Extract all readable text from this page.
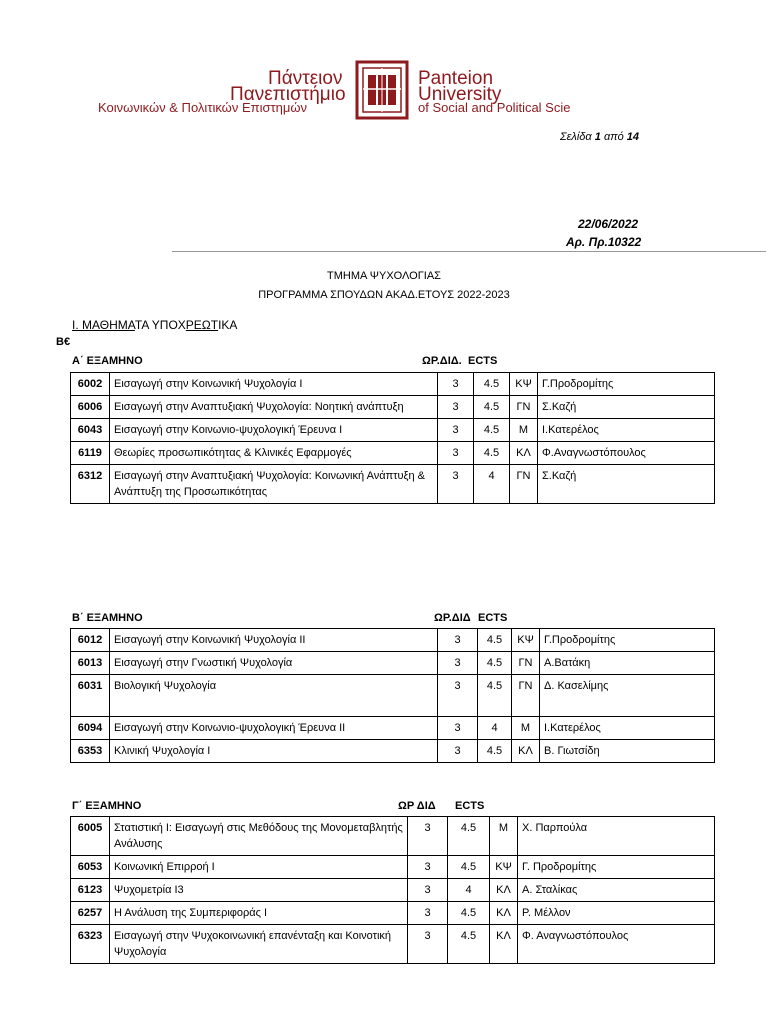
Πάντειον
Πανεπιστήμιο
Κοινωνικών & Πολιτικών Επιστημών
Panteion
University
of Social and Political Scie
Σελίδα 1 από 14
22/06/2022
Αρ. Πρ.10322
ΤΜΗΜΑ ΨΥΧΟΛΟΓΙΑΣ
ΠΡΟΓΡΑΜΜΑ ΣΠΟΥΔΩΝ ΑΚΑΔ.ΕΤΟΥΣ 2022-2023
Ι. ΜΑΘΗΜΑΤΑ ΥΠΟΧΡΕΩΤΙΚΑ
Β€
Α΄ ΕΞΑΜΗΝΟ	ΩΡ.ΔΙΔ. ECTS
6002	Εισαγωγή στην Κοινωνική Ψυχολογία Ι	3	4.5	ΚΨ	Γ.Προδρομίτης
6006	Εισαγωγή στην Αναπτυξιακή Ψυχολογία: Νοητική ανάπτυξη	3	4.5	ΓΝ	Σ.Καζή
6043	Εισαγωγή στην Κοινωνιο-ψυχολογική Έρευνα Ι	3	4.5	Μ	Ι.Κατερέλος
6119	Θεωρίες προσωπικότητας & Κλινικές Εφαρμογές	3	4.5	ΚΛ	Φ.Αναγνωστόπουλος
6312	Εισαγωγή στην Αναπτυξιακή Ψυχολογία: Κοινωνική Ανάπτυξη & Ανάπτυξη της Προσωπικότητας	3	4	ΓΝ	Σ.Καζή
Β΄ ΕΞΑΜΗΝΟ	ΩΡ.ΔΙΔ ECTS
6012	Εισαγωγή στην Κοινωνική Ψυχολογία ΙΙ	3	4.5	ΚΨ	Γ.Προδρομίτης
6013	Εισαγωγή στην Γνωστική Ψυχολογία	3	4.5	ΓΝ	Α.Βατάκη
6031	Βιολογική Ψυχολογία	3	4.5	ΓΝ	Δ. Κασελίμης
6094	Εισαγωγή στην Κοινωνιο-ψυχολογική Έρευνα ΙΙ	3	4	Μ	Ι.Κατερέλος
6353	Κλινική Ψυχολογία Ι	3	4.5	ΚΛ	Β. Γιωτσίδη
Γ΄ ΕΞΑΜΗΝΟ	ΩΡ ΔΙΔ ECTS
6005	Στατιστική Ι: Εισαγωγή στις Μεθόδους της Μονομεταβλητής Ανάλυσης	3	4.5	Μ	Χ. Παρπούλα
6053	Κοινωνική Επιρροή Ι	3	4.5	ΚΨ	Γ. Προδρομίτης
6123	Ψυχομετρία Ι3	3	4	ΚΛ	Α. Σταλίκας
6257	Η Ανάλυση της Συμπεριφοράς Ι	3	4.5	ΚΛ	Ρ. Μέλλον
6323	Εισαγωγή στην Ψυχοκοινωνική επανένταξη και Κοινοτική Ψυχολογία	3	4.5	ΚΛ	Φ. Αναγνωστόπουλος
